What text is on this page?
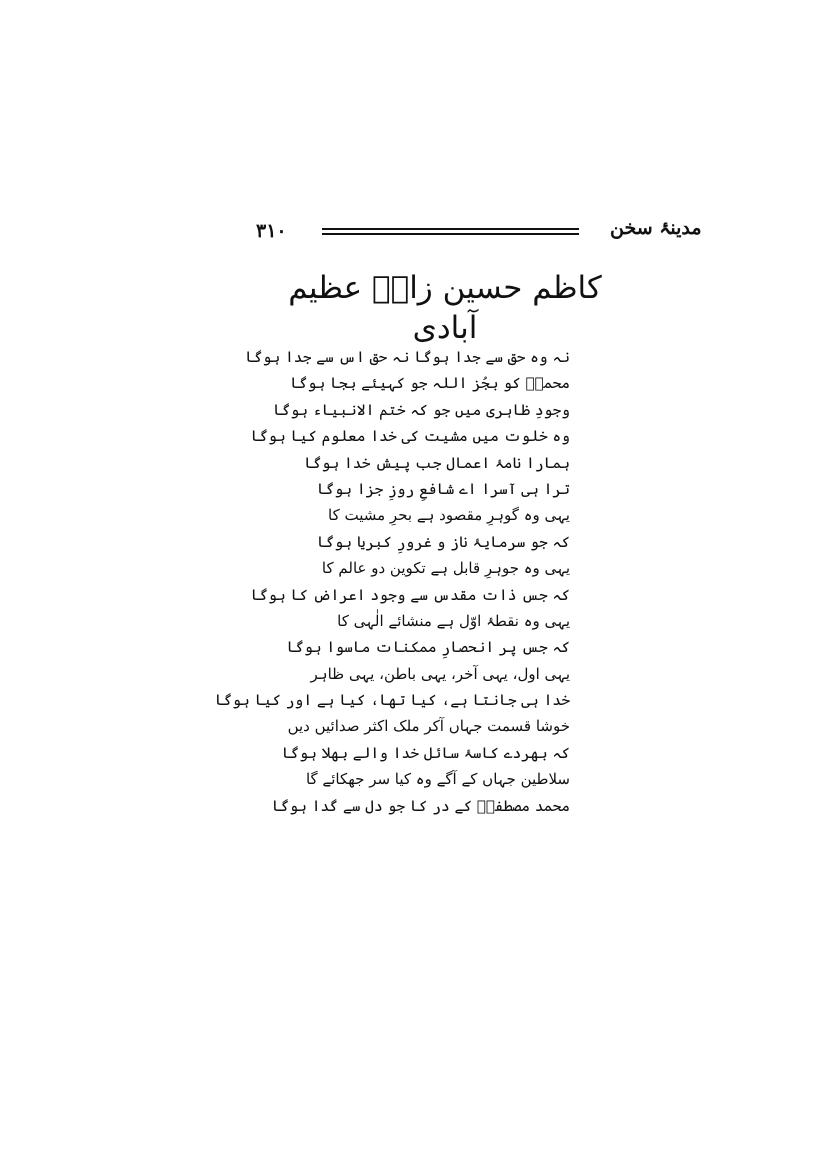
۳۱۰	مدینۂ سخن
کاظم حسین زارؔ عظیم آبادی
نہ وہ حق سے جدا ہوگا نہ حق اس سے جدا ہوگا
محمدؐ کو بجُز اللہ جو کہیئے بجا ہوگا
وجودِ ظاہری میں جو کہ ختم الانبیاء ہوگا
وہ خلوت میں مشیت کی خدا معلوم کیا ہوگا
ہمارا نامۂ اعمال جب پیش خدا ہوگا
ترا ہی آسرا اے شافعِ روزِ جزا ہوگا
یہی وہ گوہرِ مقصود ہے بحرِ مشیت کا
کہ جو سرمایۂ ناز و غرورِ کبریا ہوگا
یہی وہ جوہرِ قابل ہے تکوین دو عالم کا
کہ جس ذات مقدس سے وجود اعراض کا ہوگا
یہی وہ نقطۂ اوّل ہے منشائے الٰہی کا
کہ جس پر انحصارِ ممکنات ماسوا ہوگا
یہی اول، یہی آخر، یہی باطن، یہی ظاہر
خدا ہی جانتا ہے، کیا تھا، کیا ہے اور کیا ہوگا
خوشا قسمت جہاں آکر ملک اکثر صدائیں دیں
کہ بھردے کاسۂ سائل خدا والے بھلا ہوگا
سلاطین جہاں کے آگے وہ کیا سر جھکائے گا
محمد مصطفیؐ کے در کا جو دل سے گدا ہوگا
